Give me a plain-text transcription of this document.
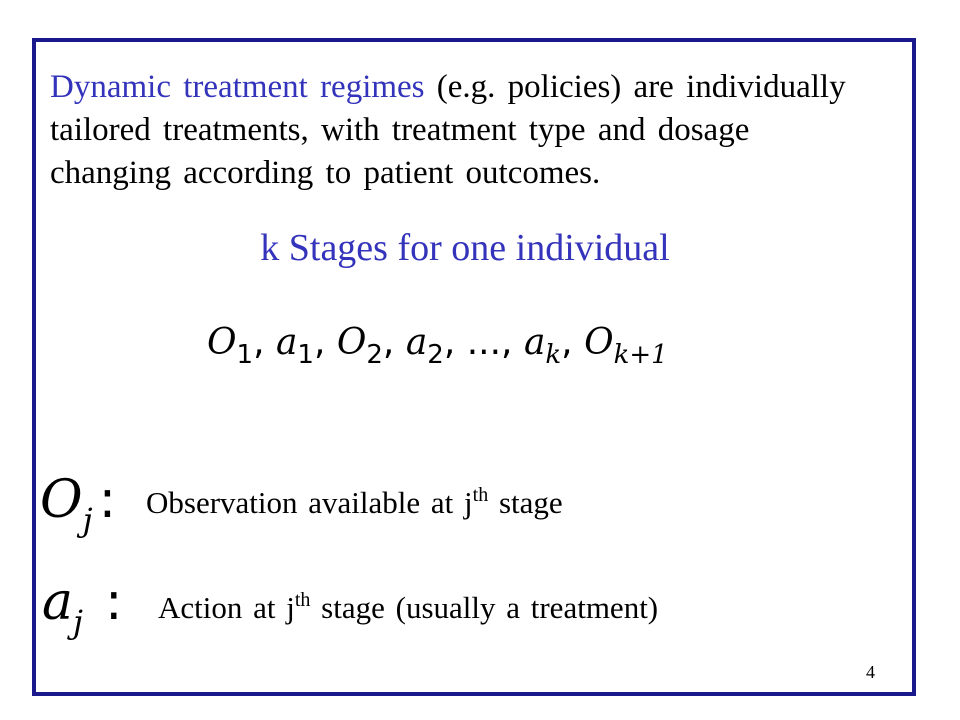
Dynamic treatment regimes (e.g. policies) are individually tailored treatments, with treatment type and dosage changing according to patient outcomes.

k Stages for one individual
$O_1$, $a_1$, $O_2$, $a_2$, ..., $a_k$, $O_{k+1}$
$O_j$ : Observation available at $j^{th}$ stage
$a_j$ : Action at $j^{th}$ stage (usually a treatment)
4
